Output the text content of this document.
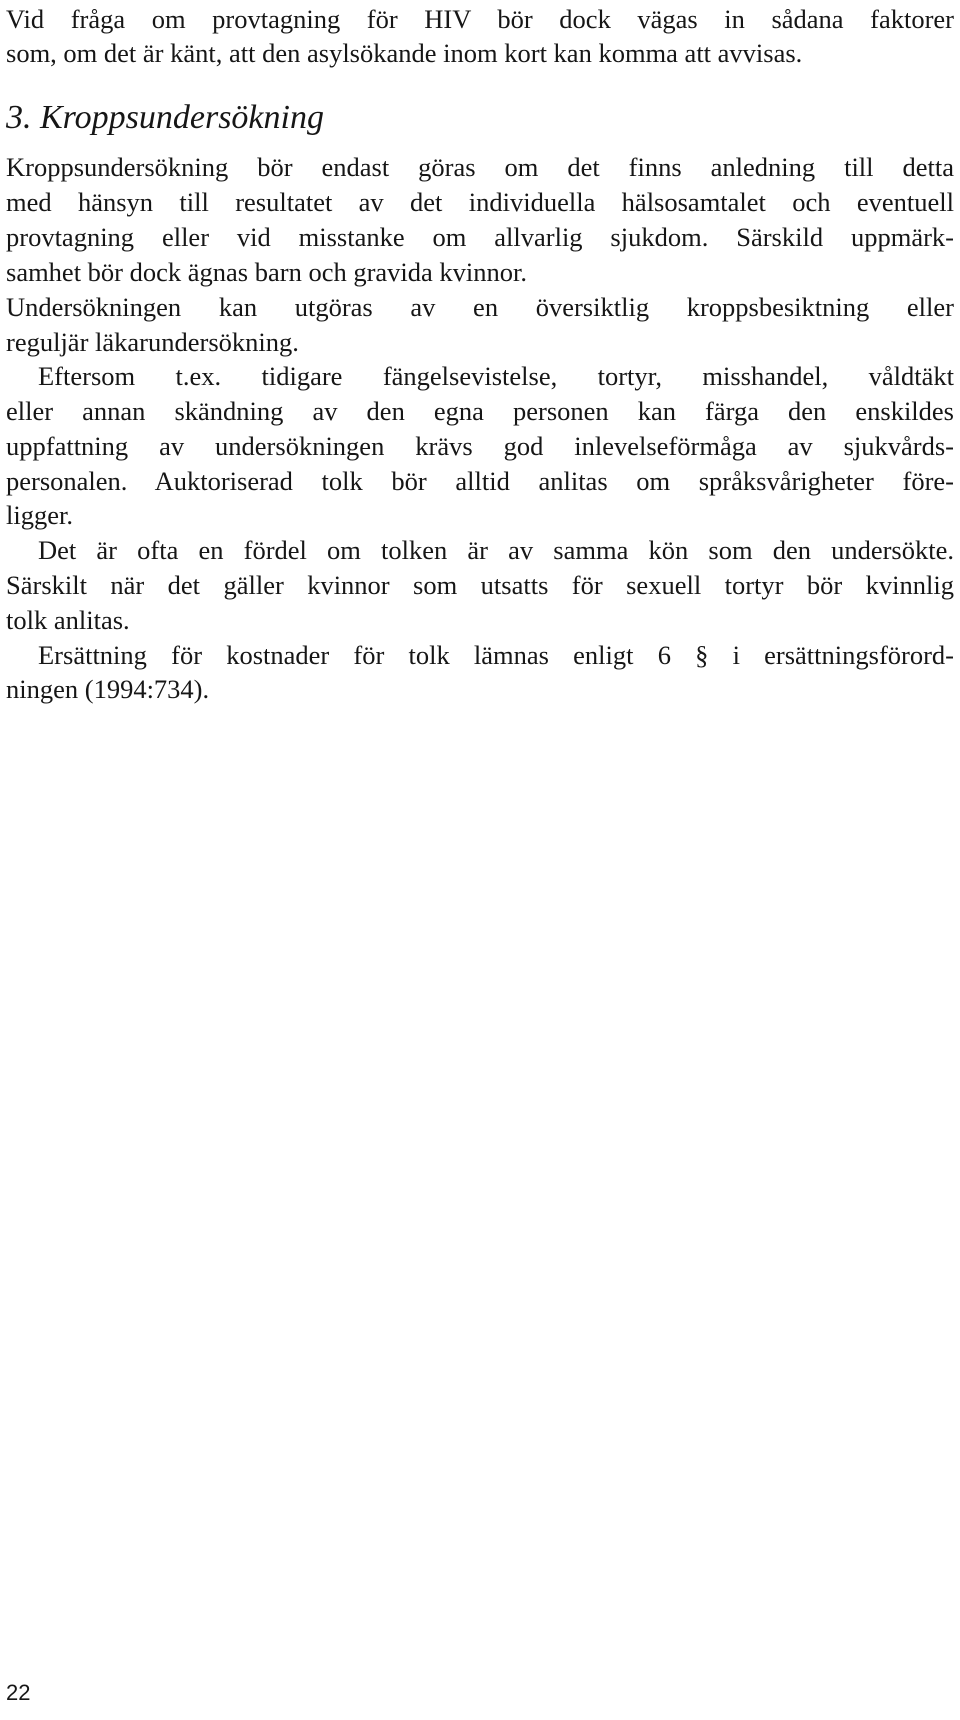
Vid fråga om provtagning för HIV bör dock vägas in sådana faktorer
som, om det är känt, att den asylsökande inom kort kan komma att avvisas.
3. Kroppsundersökning
Kroppsundersökning bör endast göras om det finns anledning till detta
med hänsyn till resultatet av det individuella hälsosamtalet och eventuell
provtagning eller vid misstanke om allvarlig sjukdom. Särskild uppmärk-
samhet bör dock ägnas barn och gravida kvinnor.
Undersökningen kan utgöras av en översiktlig kroppsbesiktning eller
reguljär läkarundersökning.
Eftersom t.ex. tidigare fängelsevistelse, tortyr, misshandel, våldtäkt
eller annan skändning av den egna personen kan färga den enskildes
uppfattning av undersökningen krävs god inlevelseförmåga av sjukvårds-
personalen. Auktoriserad tolk bör alltid anlitas om språksvårigheter före-
ligger.
Det är ofta en fördel om tolken är av samma kön som den undersökte.
Särskilt när det gäller kvinnor som utsatts för sexuell tortyr bör kvinnlig
tolk anlitas.
Ersättning för kostnader för tolk lämnas enligt 6 § i ersättningsförord-
ningen (1994:734).
22
